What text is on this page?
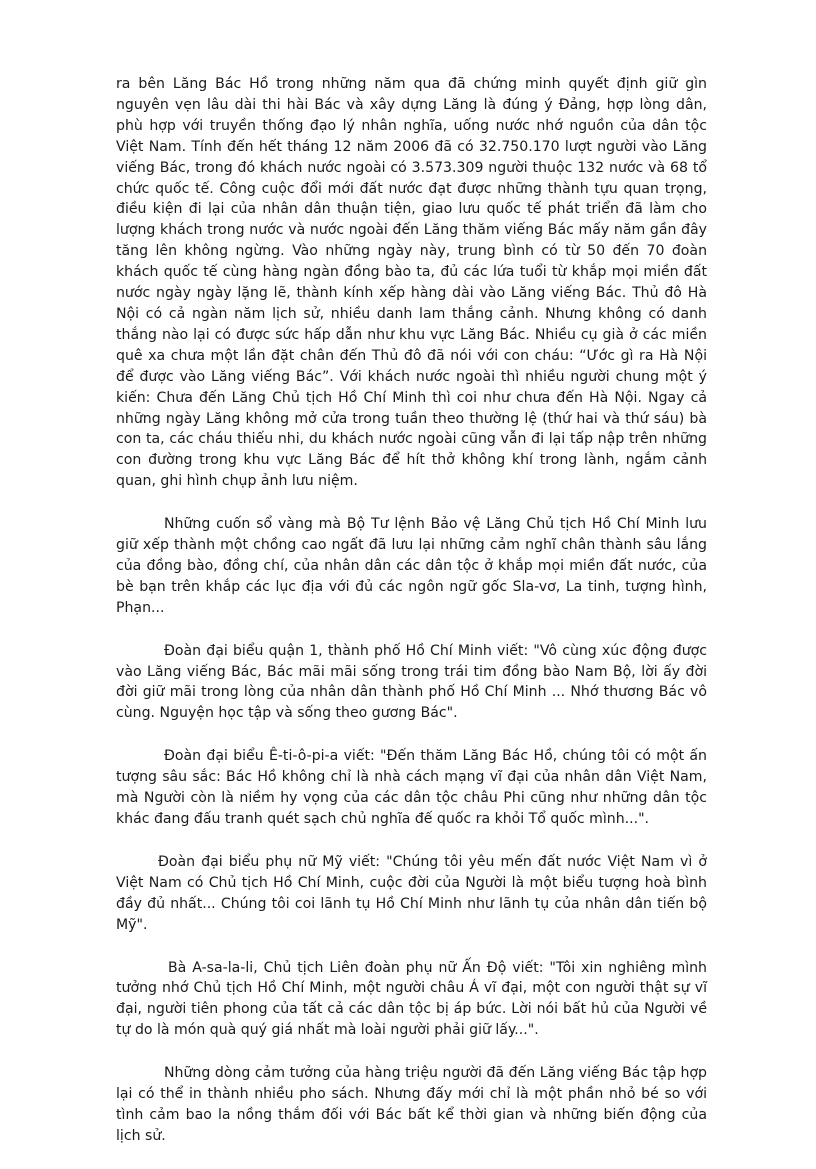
ra bên Lăng Bác Hồ trong những năm qua đã chứng minh quyết định giữ gìn nguyên vẹn lâu dài thi hài Bác và xây dựng Lăng là đúng ý Đảng, hợp lòng dân, phù hợp với truyền thống đạo lý nhân nghĩa, uống nước nhớ nguồn của dân tộc Việt Nam. Tính đến hết tháng 12 năm 2006 đã có 32.750.170 lượt người vào Lăng viếng Bác, trong đó khách nước ngoài có 3.573.309 người thuộc 132 nước và 68 tổ chức quốc tế. Công cuộc đổi mới đất nước đạt được những thành tựu quan trọng, điều kiện đi lại của nhân dân thuận tiện, giao lưu quốc tế phát triển đã làm cho lượng khách trong nước và nước ngoài đến Lăng thăm viếng Bác mấy năm gần đây tăng lên không ngừng. Vào những ngày này, trung bình có từ 50 đến 70 đoàn khách quốc tế cùng hàng ngàn đồng bào ta, đủ các lứa tuổi từ khắp mọi miền đất nước ngày ngày lặng lẽ, thành kính xếp hàng dài vào Lăng viếng Bác. Thủ đô Hà Nội có cả ngàn năm lịch sử, nhiều danh lam thắng cảnh. Nhưng không có danh thắng nào lại có được sức hấp dẫn như khu vực Lăng Bác. Nhiều cụ già ở các miền quê xa chưa một lần đặt chân đến Thủ đô đã nói với con cháu: “Ước gì ra Hà Nội để được vào Lăng viếng Bác”. Với khách nước ngoài thì nhiều người chung một ý kiến: Chưa đến Lăng Chủ tịch Hồ Chí Minh thì coi như chưa đến Hà Nội. Ngay cả những ngày Lăng không mở cửa trong tuần theo thường lệ (thứ hai và thứ sáu) bà con ta, các cháu thiếu nhi, du khách nước ngoài cũng vẫn đi lại tấp nập trên những con đường trong khu vực Lăng Bác để hít thở không khí trong lành, ngắm cảnh quan, ghi hình chụp ảnh lưu niệm.

Những cuốn sổ vàng mà Bộ Tư lệnh Bảo vệ Lăng Chủ tịch Hồ Chí Minh lưu giữ xếp thành một chồng cao ngất đã lưu lại những cảm nghĩ chân thành sâu lắng của đồng bào, đồng chí, của nhân dân các dân tộc ở khắp mọi miền đất nước, của bè bạn trên khắp các lục địa với đủ các ngôn ngữ gốc Sla-vơ, La tinh, tượng hình, Phạn...

Đoàn đại biểu quận 1, thành phố Hồ Chí Minh viết: "Vô cùng xúc động được vào Lăng viếng Bác, Bác mãi mãi sống trong trái tim đồng bào Nam Bộ, lời ấy đời đời giữ mãi trong lòng của nhân dân thành phố Hồ Chí Minh ... Nhớ thương Bác vô cùng. Nguyện học tập và sống theo gương Bác".

Đoàn đại biểu Ê-ti-ô-pi-a viết: "Đến thăm Lăng Bác Hồ, chúng tôi có một ấn tượng sâu sắc: Bác Hồ không chỉ là nhà cách mạng vĩ đại của nhân dân Việt Nam, mà Người còn là niềm hy vọng của các dân tộc châu Phi cũng như những dân tộc khác đang đấu tranh quét sạch chủ nghĩa đế quốc ra khỏi Tổ quốc mình...".

Đoàn đại biểu phụ nữ Mỹ viết: "Chúng tôi yêu mến đất nước Việt Nam vì ở Việt Nam có Chủ tịch Hồ Chí Minh, cuộc đời của Người là một biểu tượng hoà bình đầy đủ nhất... Chúng tôi coi lãnh tụ Hồ Chí Minh như lãnh tụ của nhân dân tiến bộ Mỹ".

Bà A-sa-la-li, Chủ tịch Liên đoàn phụ nữ Ấn Độ viết: "Tôi xin nghiêng mình tưởng nhớ Chủ tịch Hồ Chí Minh, một người châu Á vĩ đại, một con người thật sự vĩ đại, người tiên phong của tất cả các dân tộc bị áp bức. Lời nói bất hủ của Người về tự do là món quà quý giá nhất mà loài người phải giữ lấy...".

Những dòng cảm tưởng của hàng triệu người đã đến Lăng viếng Bác tập hợp lại có thể in thành nhiều pho sách. Nhưng đấy mới chỉ là một phần nhỏ bé so với tình cảm bao la nồng thắm đối với Bác bất kể thời gian và những biến động của lịch sử.
